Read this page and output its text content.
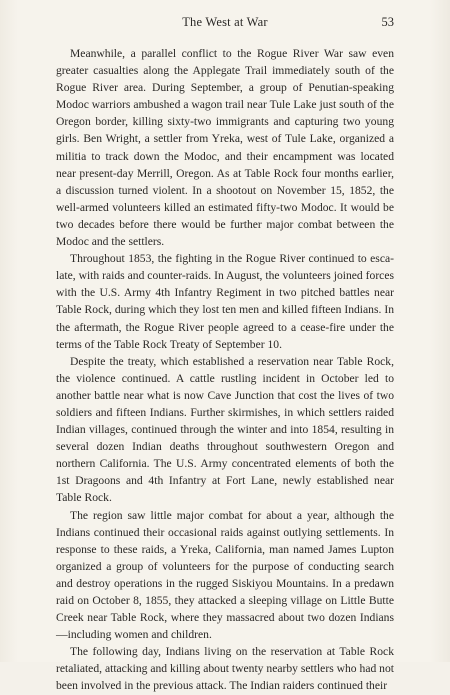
The West at War	53

Meanwhile, a parallel conflict to the Rogue River War saw even greater casualties along the Applegate Trail immediately south of the Rogue River area. During September, a group of Penutian-speaking Modoc warriors ambushed a wagon trail near Tule Lake just south of the Oregon border, killing sixty-two immigrants and capturing two young girls. Ben Wright, a settler from Yreka, west of Tule Lake, organized a militia to track down the Modoc, and their encampment was located near present-day Merrill, Oregon. As at Table Rock four months earlier, a discussion turned violent. In a shootout on November 15, 1852, the well-armed volunteers killed an estimated fifty-two Modoc. It would be two decades before there would be further major combat between the Modoc and the settlers.

Throughout 1853, the fighting in the Rogue River continued to escalate, with raids and counter-raids. In August, the volunteers joined forces with the U.S. Army 4th Infantry Regiment in two pitched battles near Table Rock, during which they lost ten men and killed fifteen Indians. In the aftermath, the Rogue River people agreed to a cease-fire under the terms of the Table Rock Treaty of September 10.

Despite the treaty, which established a reservation near Table Rock, the violence continued. A cattle rustling incident in October led to another battle near what is now Cave Junction that cost the lives of two soldiers and fifteen Indians. Further skirmishes, in which settlers raided Indian villages, continued through the winter and into 1854, resulting in several dozen Indian deaths throughout southwestern Oregon and northern California. The U.S. Army concentrated elements of both the 1st Dragoons and 4th Infantry at Fort Lane, newly established near Table Rock.

The region saw little major combat for about a year, although the Indians continued their occasional raids against outlying settlements. In response to these raids, a Yreka, California, man named James Lupton organized a group of volunteers for the purpose of conducting search and destroy operations in the rugged Siskiyou Mountains. In a predawn raid on October 8, 1855, they attacked a sleeping village on Little Butte Creek near Table Rock, where they massacred about two dozen Indians—including women and children.

The following day, Indians living on the reservation at Table Rock retaliated, attacking and killing about twenty nearby settlers who had not been involved in the previous attack. The Indian raiders continued their
